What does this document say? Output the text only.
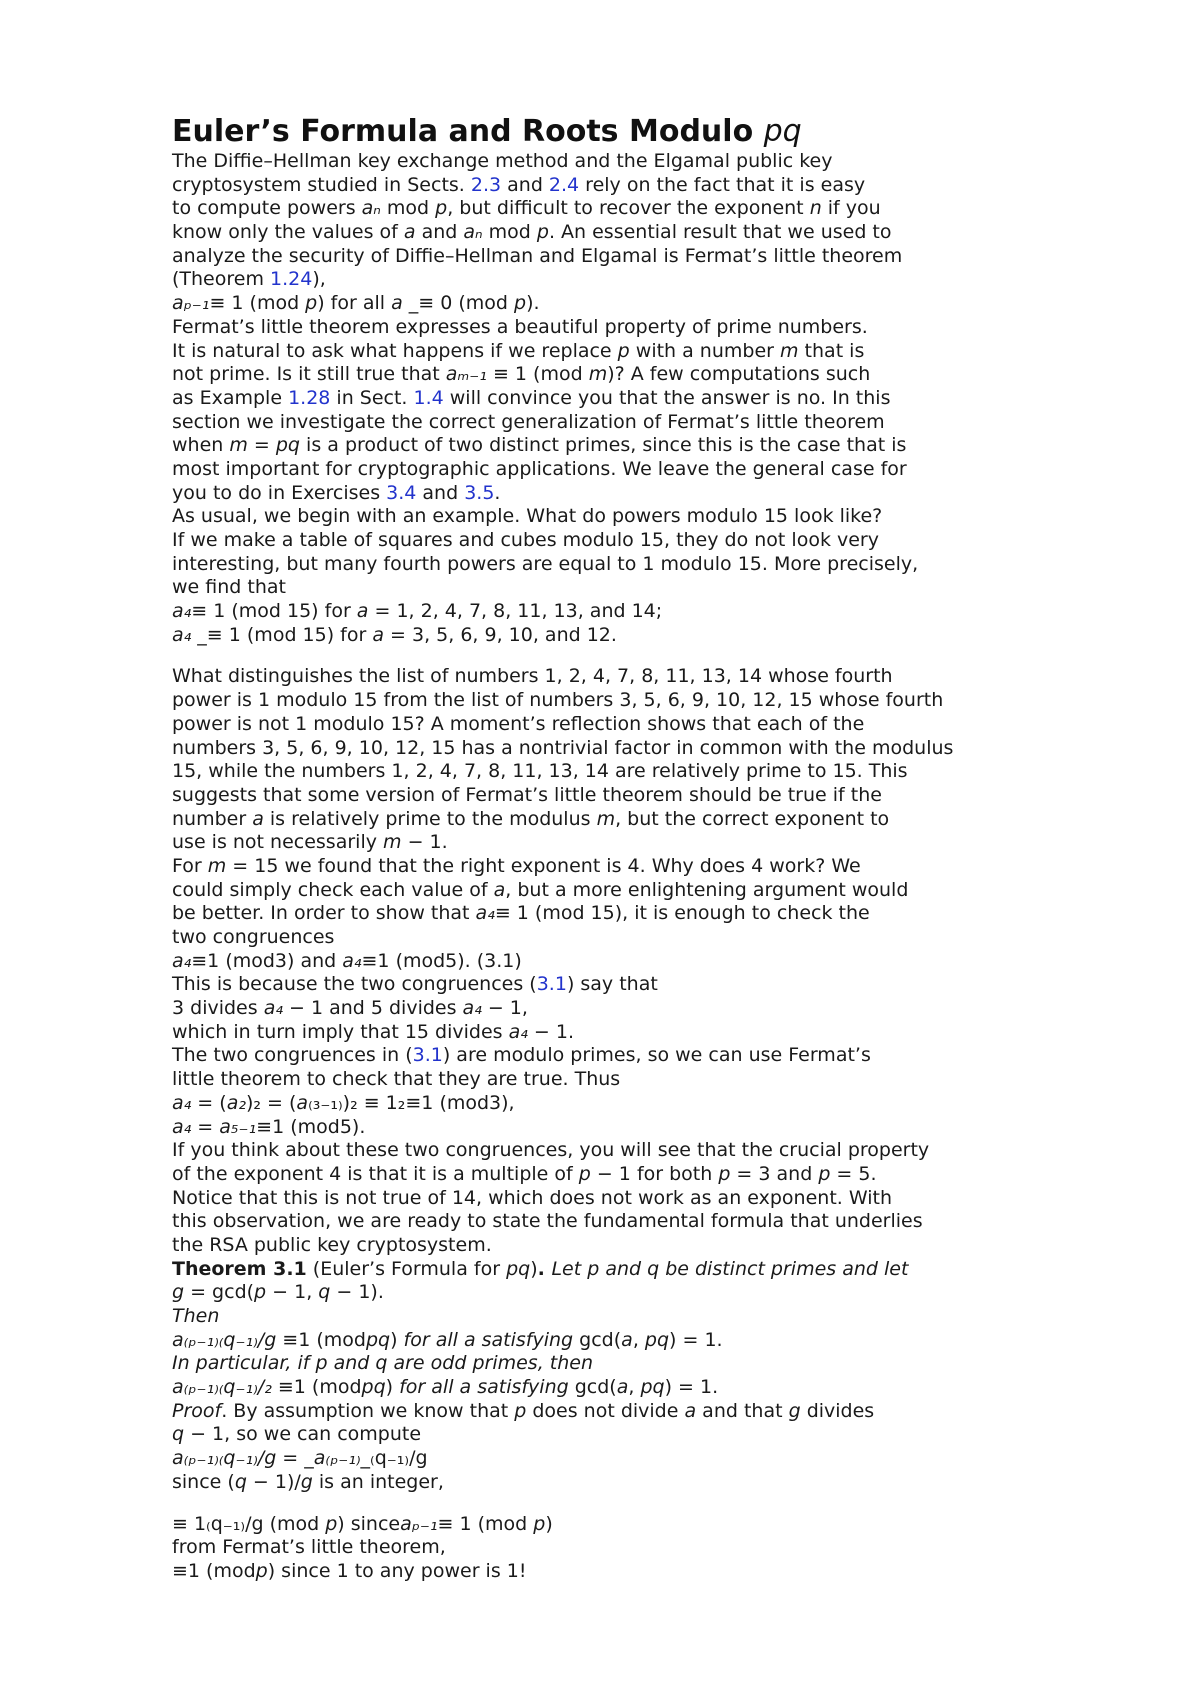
Euler’s Formula and Roots Modulo pq
The Diffie–Hellman key exchange method and the Elgamal public key
cryptosystem studied in Sects. 2.3 and 2.4 rely on the fact that it is easy
to compute powers aₙ mod p, but difficult to recover the exponent n if you
know only the values of a and aₙ mod p. An essential result that we used to
analyze the security of Diffie–Hellman and Elgamal is Fermat’s little theorem
(Theorem 1.24),
aₚ₋₁≡ 1 (mod p) for all a _≡ 0 (mod p).
Fermat’s little theorem expresses a beautiful property of prime numbers.
It is natural to ask what happens if we replace p with a number m that is
not prime. Is it still true that aₘ₋₁ ≡ 1 (mod m)? A few computations such
as Example 1.28 in Sect. 1.4 will convince you that the answer is no. In this
section we investigate the correct generalization of Fermat’s little theorem
when m = pq is a product of two distinct primes, since this is the case that is
most important for cryptographic applications. We leave the general case for
you to do in Exercises 3.4 and 3.5.
As usual, we begin with an example. What do powers modulo 15 look like?
If we make a table of squares and cubes modulo 15, they do not look very
interesting, but many fourth powers are equal to 1 modulo 15. More precisely,
we find that
a₄≡ 1 (mod 15) for a = 1, 2, 4, 7, 8, 11, 13, and 14;
a₄ _≡ 1 (mod 15) for a = 3, 5, 6, 9, 10, and 12.
What distinguishes the list of numbers 1, 2, 4, 7, 8, 11, 13, 14 whose fourth
power is 1 modulo 15 from the list of numbers 3, 5, 6, 9, 10, 12, 15 whose fourth
power is not 1 modulo 15? A moment’s reflection shows that each of the
numbers 3, 5, 6, 9, 10, 12, 15 has a nontrivial factor in common with the modulus
15, while the numbers 1, 2, 4, 7, 8, 11, 13, 14 are relatively prime to 15. This
suggests that some version of Fermat’s little theorem should be true if the
number a is relatively prime to the modulus m, but the correct exponent to
use is not necessarily m − 1.
For m = 15 we found that the right exponent is 4. Why does 4 work? We
could simply check each value of a, but a more enlightening argument would
be better. In order to show that a₄≡ 1 (mod 15), it is enough to check the
two congruences
a₄≡1 (mod3) and a₄≡1 (mod5). (3.1)
This is because the two congruences (3.1) say that
3 divides a₄ − 1 and 5 divides a₄ − 1,
which in turn imply that 15 divides a₄ − 1.
The two congruences in (3.1) are modulo primes, so we can use Fermat’s
little theorem to check that they are true. Thus
a₄ = (a₂)₂ = (a₍₃₋₁₎)₂ ≡ 1₂≡1 (mod3),
a₄ = a₅₋₁≡1 (mod5).
If you think about these two congruences, you will see that the crucial property
of the exponent 4 is that it is a multiple of p − 1 for both p = 3 and p = 5.
Notice that this is not true of 14, which does not work as an exponent. With
this observation, we are ready to state the fundamental formula that underlies
the RSA public key cryptosystem.
Theorem 3.1 (Euler’s Formula for pq). Let p and q be distinct primes and let
g = gcd(p − 1, q − 1).
Then
a₍ₚ₋₁₎₍q₋₁₎/g ≡1 (modpq) for all a satisfying gcd(a, pq) = 1.
In particular, if p and q are odd primes, then
a₍ₚ₋₁₎₍q₋₁₎/₂ ≡1 (modpq) for all a satisfying gcd(a, pq) = 1.
Proof. By assumption we know that p does not divide a and that g divides
q − 1, so we can compute
a₍ₚ₋₁₎₍q₋₁₎/g = _a₍ₚ₋₁₎_₍q₋₁₎/g
since (q − 1)/g is an integer,
≡ 1₍q₋₁₎/g (mod p) sinceaₚ₋₁≡ 1 (mod p)
from Fermat’s little theorem,
≡1 (modp) since 1 to any power is 1!
